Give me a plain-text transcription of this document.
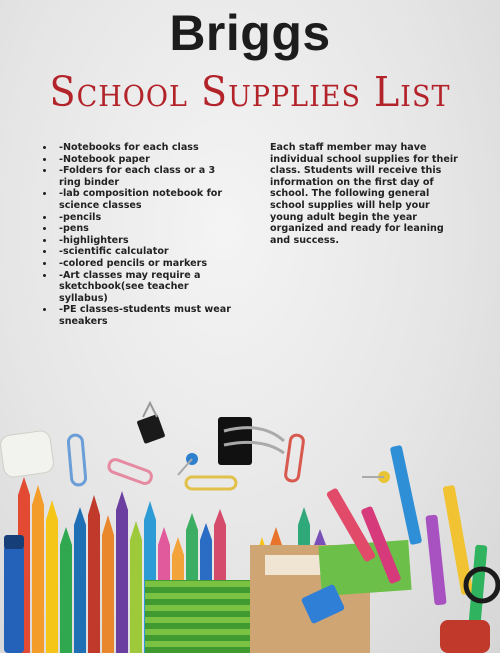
Briggs
School Supplies List
• -Notebooks for each class
• -Notebook paper
• -Folders for each class or a 3 ring binder
• -lab composition notebook for science classes
• -pencils
• -pens
• -highlighters
• -scientific calculator
• -colored pencils or markers
• -Art classes may require a sketchbook(see teacher syllabus)
• -PE classes-students must wear sneakers
Each staff member may have individual school supplies for their class. Students will receive this information on the first day of school. The following general school supplies will help your young adult begin the year organized and ready for leaning and success.
